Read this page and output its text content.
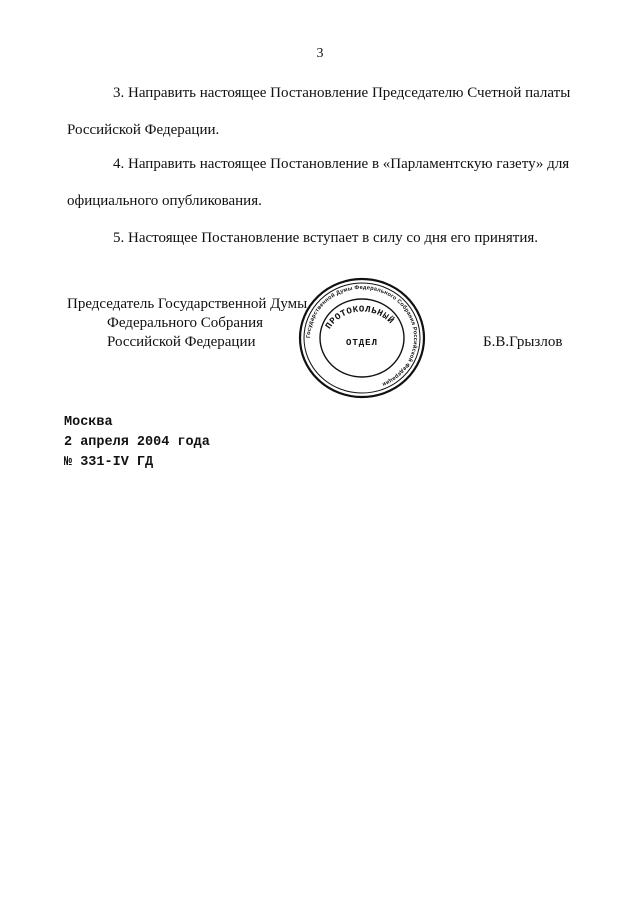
3
3. Направить настоящее Постановление Председателю Счетной палаты
Российской Федерации.
4. Направить настоящее Постановление в «Парламентскую газету» для
официального опубликования.
5. Настоящее Постановление вступает в силу со дня его принятия.
Председатель Государственной Думы
Федерального Собрания
Российской Федерации	Б.В.Грызлов
Государственной Думы Федерального Собрания Российской Федерации
ПРОТОКОЛЬНЫЙ
ОТДЕЛ
Москва
2 апреля 2004 года
№ 331-IV ГД
